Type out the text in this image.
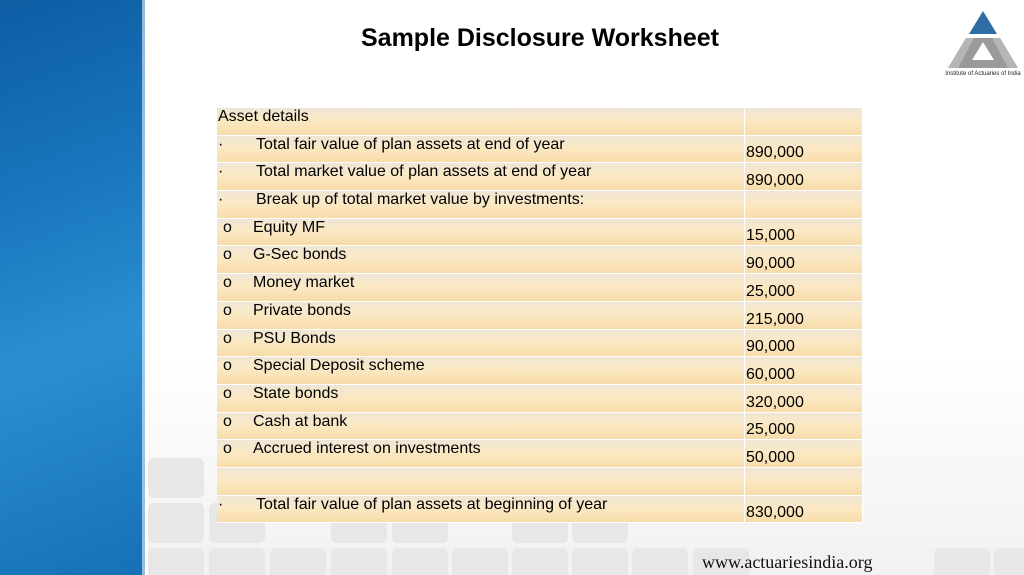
Sample Disclosure Worksheet
Institute of Actuaries of India
Asset details	
· Total fair value of plan assets at end of year	890,000
· Total market value of plan assets at end of year	890,000
· Break up of total market value by investments:	
o Equity MF	15,000
o G-Sec bonds	90,000
o Money market	25,000
o Private bonds	215,000
o PSU Bonds	90,000
o Special Deposit scheme	60,000
o State bonds	320,000
o Cash at bank	25,000
o Accrued interest on investments	50,000

· Total fair value of plan assets at beginning of year	830,000
www.actuariesindia.org
